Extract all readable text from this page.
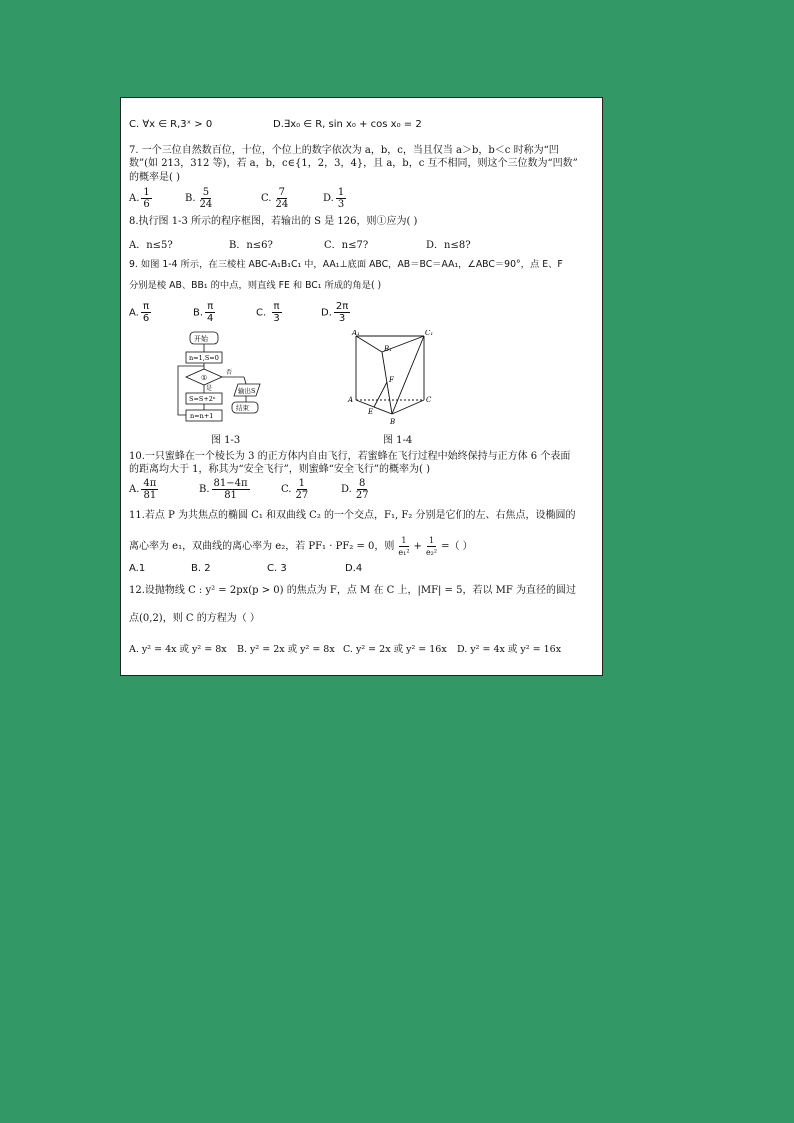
C. ∀x ∈ R,3ˣ > 0	D.∃x₀ ∈ R, sin x₀ + cos x₀ = 2
7. 一个三位自然数百位，十位，个位上的数字依次为 a，b，c，当且仅当 a＞b，b＜c 时称为“凹
数”(如 213，312 等)，若 a，b，c∈{1，2，3，4}，且 a，b，c 互不相同，则这个三位数为“凹数”
的概率是( )
A. $\frac{1}{6}$	B. $\frac{5}{24}$	C. $\frac{7}{24}$	D. $\frac{1}{3}$
8.执行图 1-3 所示的程序框图，若输出的 S 是 126，则①应为( )
A．n≤5?	B．n≤6?	C．n≤7?	D．n≤8?
9. 如图 1-4 所示，在三棱柱 ABC-A₁B₁C₁ 中，AA₁⊥底面 ABC，AB＝BC＝AA₁，∠ABC＝90°，点 E、F
分别是棱 AB、BB₁ 的中点，则直线 FE 和 BC₁ 所成的角是( )
A. $\frac{\pi}{6}$	B. $\frac{\pi}{4}$	C. $\frac{\pi}{3}$	D. $\frac{2\pi}{3}$
开始
n=1,S=0
①
否
是	输出S
结束
S=S+2ⁿ
n=n+1
图 1-3
A₁	C₁
B₁
F
A
E
C
B
图 1-4
10.一只蜜蜂在一个棱长为 3 的正方体内自由飞行，若蜜蜂在飞行过程中始终保持与正方体 6 个表面
的距离均大于 1，称其为“安全飞行”，则蜜蜂“安全飞行”的概率为( )
A. $\frac{4\pi}{81}$	B. $\frac{81-4\pi}{81}$	C. $\frac{1}{27}$	D. $\frac{8}{27}$
11.若点 P 为共焦点的椭圆 C₁ 和双曲线 C₂ 的一个交点，F₁, F₂ 分别是它们的左、右焦点，设椭圆的
离心率为 e₁，双曲线的离心率为 e₂，若 PF₁ · PF₂ = 0，则 $\frac{1}{\text{e₁²}} + \frac{1}{\text{e₂²}}$ =（ ）
A.1	B. 2	C. 3	D.4
12.设抛物线 C : y² = 2px(p > 0) 的焦点为 F，点 M 在 C 上，|MF| = 5，若以 MF 为直径的圆过
点(0,2)，则 C 的方程为（ ）
A. y² = 4x 或 y² = 8x B. y² = 2x 或 y² = 8x C. y² = 2x 或 y² = 16x D. y² = 4x 或 y² = 16x
